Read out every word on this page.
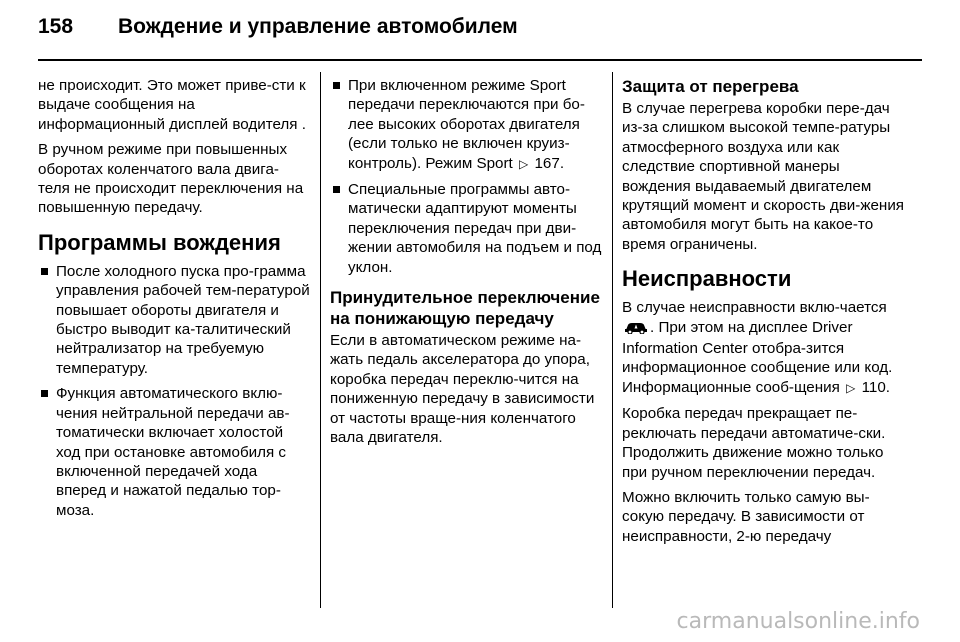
158 Вождение и управление автомобилем

не происходит. Это может приве-сти к выдаче сообщения на информационный дисплей водителя .

В ручном режиме при повышенных оборотах коленчатого вала двига-теля не происходит переключения на повышенную передачу.

Программы вождения
После холодного пуска про-грамма управления рабочей тем-пературой повышает обороты двигателя и быстро выводит ка-талитический нейтрализатор на требуемую температуру.
Функция автоматического вклю-чения нейтральной передачи ав-томатически включает холостой ход при остановке автомобиля с включенной передачей хода вперед и нажатой педалью тор-моза.
При включенном режиме Sport передачи переключаются при бо-лее высоких оборотах двигателя (если только не включен круиз-контроль). Режим Sport ▷ 167.
Специальные программы авто-матически адаптируют моменты переключения передач при дви-жении автомобиля на подъем и под уклон.
Принудительное переключение на понижающую передачу

Если в автоматическом режиме на-жать педаль акселератора до упора, коробка передач переклю-чится на пониженную передачу в зависимости от частоты враще-ния коленчатого вала двигателя.

Защита от перегрева

В случае перегрева коробки пере-дач из-за слишком высокой темпе-ратуры атмосферного воздуха или как следствие спортивной манеры вождения выдаваемый двигателем крутящий момент и скорость дви-жения автомобиля могут быть на какое-то время ограничены.

Неисправности

В случае неисправности вклю-чается . При этом на дисплее Driver Information Center отобра-зится информационное сообщение или код. Информационные сооб-щения ▷ 110.

Коробка передач прекращает пе-реключать передачи автоматиче-ски. Продолжить движение можно только при ручном переключении передач.

Можно включить только самую вы-сокую передачу. В зависимости от неисправности, 2-ю передачу

carmanualsonline.info
